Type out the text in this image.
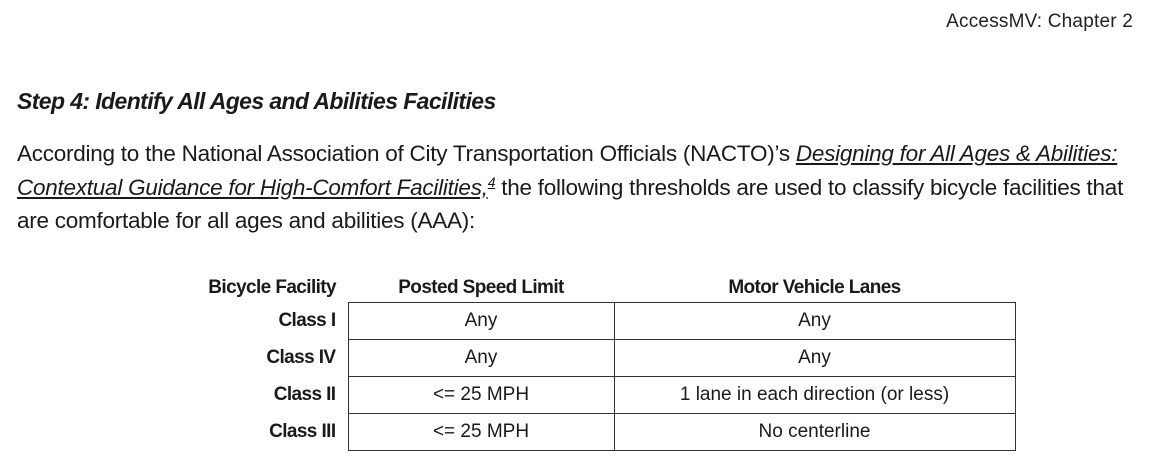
AccessMV: Chapter 2
Step 4: Identify All Ages and Abilities Facilities

According to the National Association of City Transportation Officials (NACTO)’s Designing for All Ages & Abilities: Contextual Guidance for High-Comfort Facilities,$^4$ the following thresholds are used to classify bicycle facilities that are comfortable for all ages and abilities (AAA):

Bicycle Facility	Posted Speed Limit	Motor Vehicle Lanes
Class I	Any	Any
Class IV	Any	Any
Class II	<= 25 MPH	1 lane in each direction (or less)
Class III	<= 25 MPH	No centerline
